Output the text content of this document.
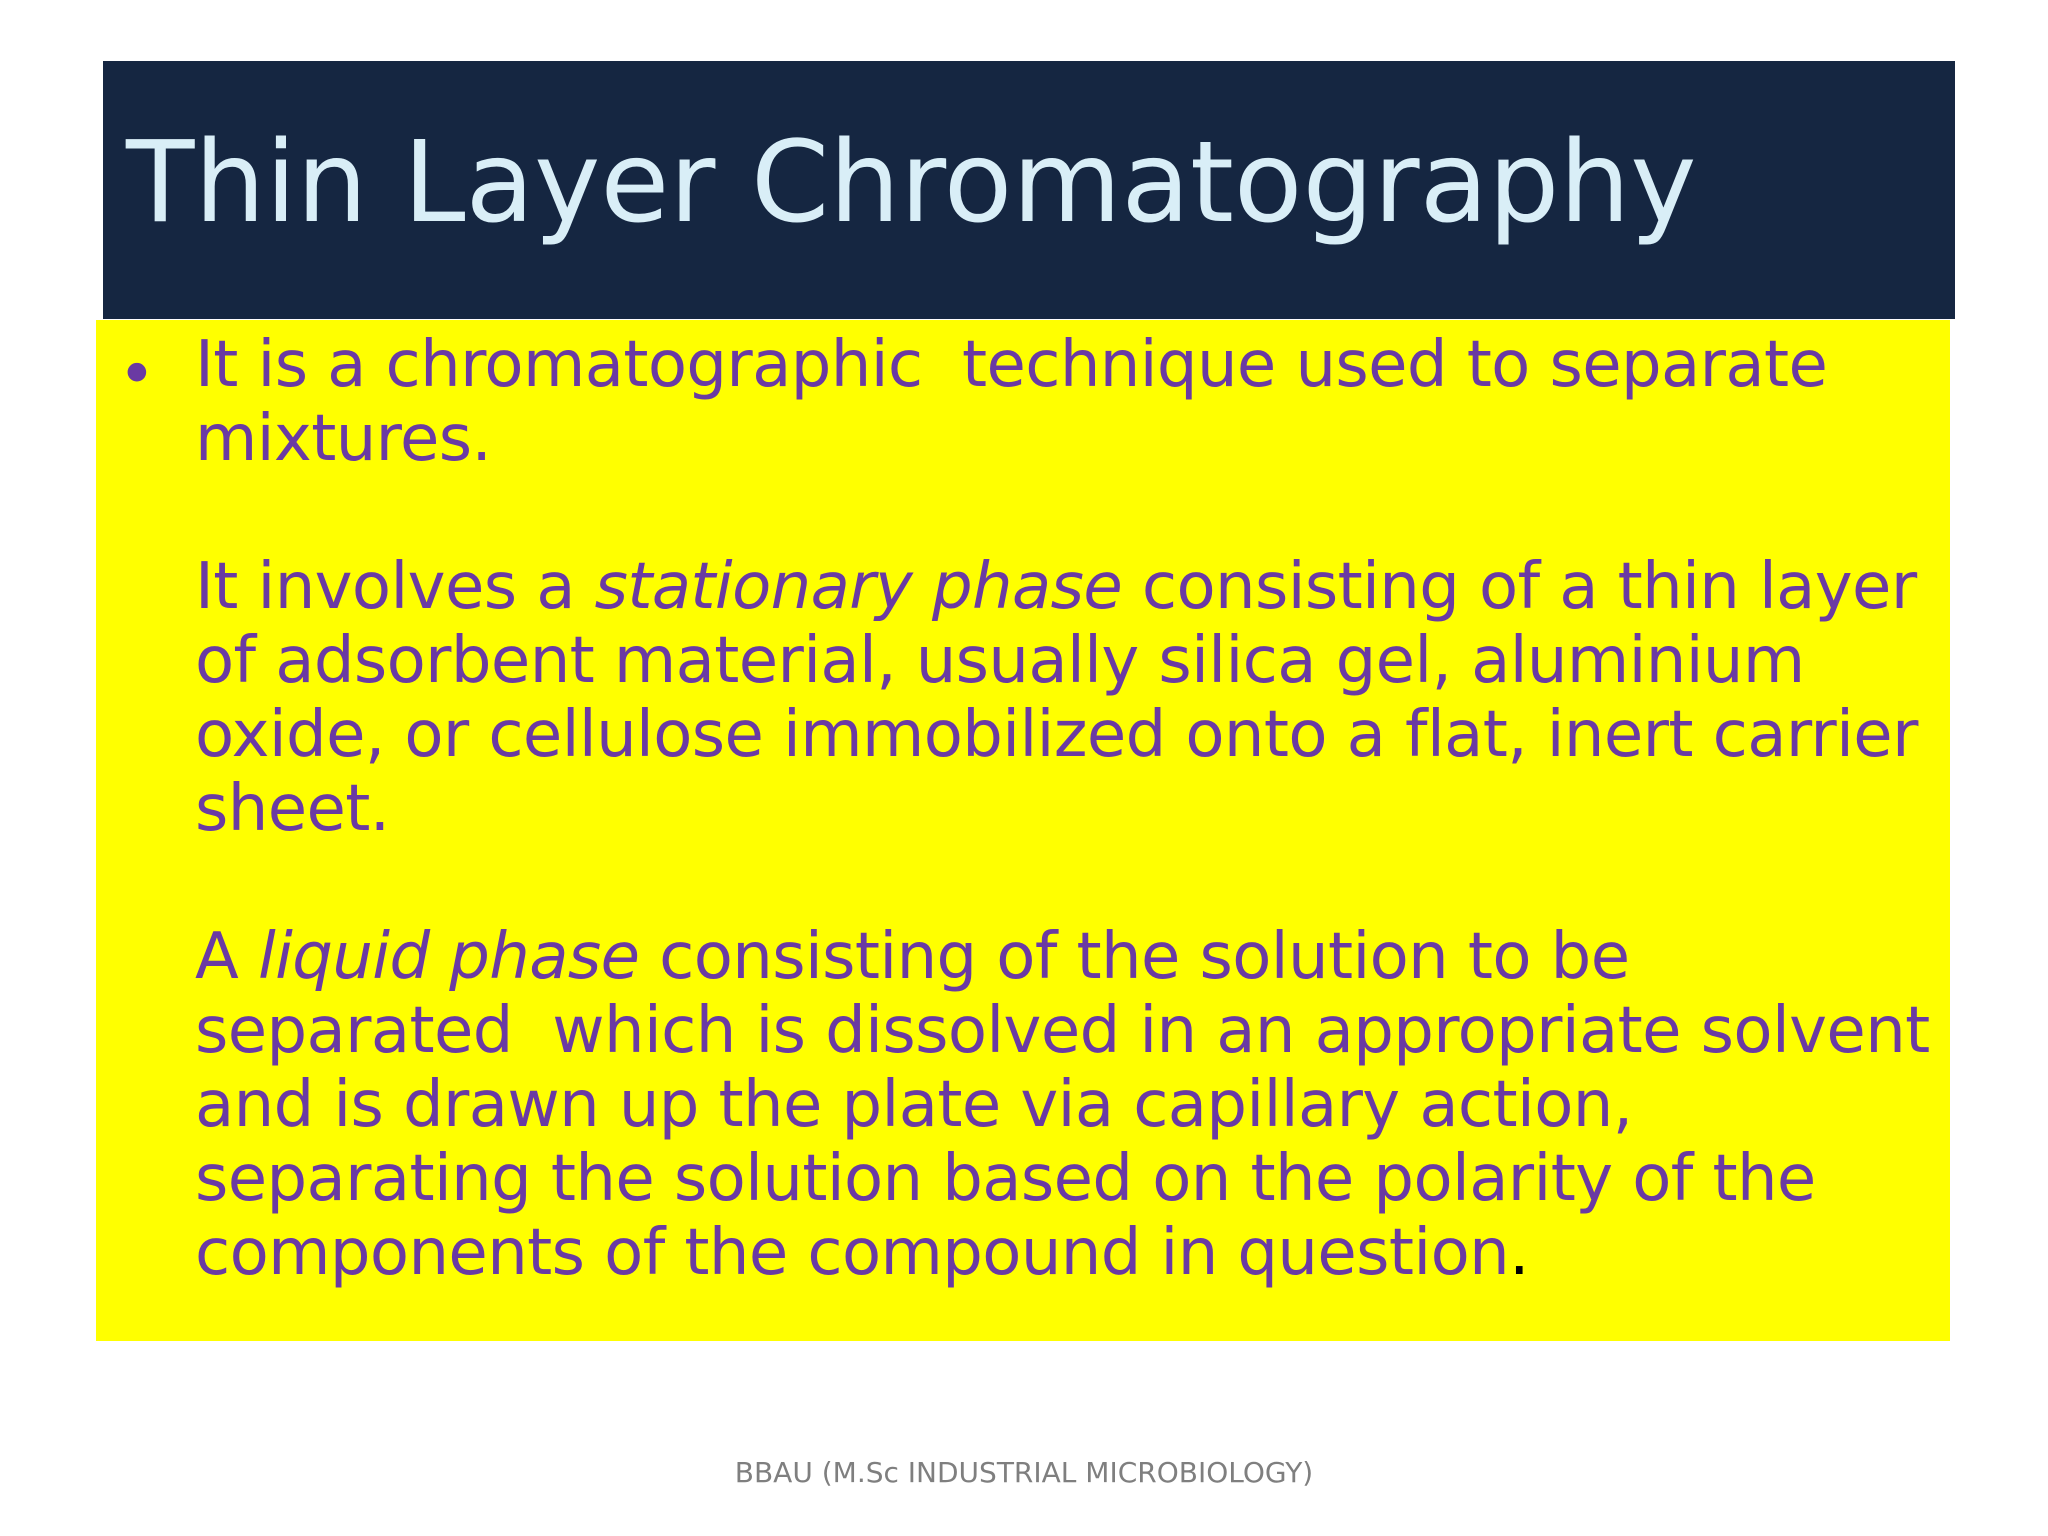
Thin Layer Chromatography
• It is a chromatographic  technique used to separate
mixtures.
It involves a stationary phase consisting of a thin layer
of adsorbent material, usually silica gel, aluminium
oxide, or cellulose immobilized onto a flat, inert carrier
sheet.
A liquid phase consisting of the solution to be
separated  which is dissolved in an appropriate solvent
and is drawn up the plate via capillary action,
separating the solution based on the polarity of the
components of the compound in question.
BBAU (M.Sc INDUSTRIAL MICROBIOLOGY)
